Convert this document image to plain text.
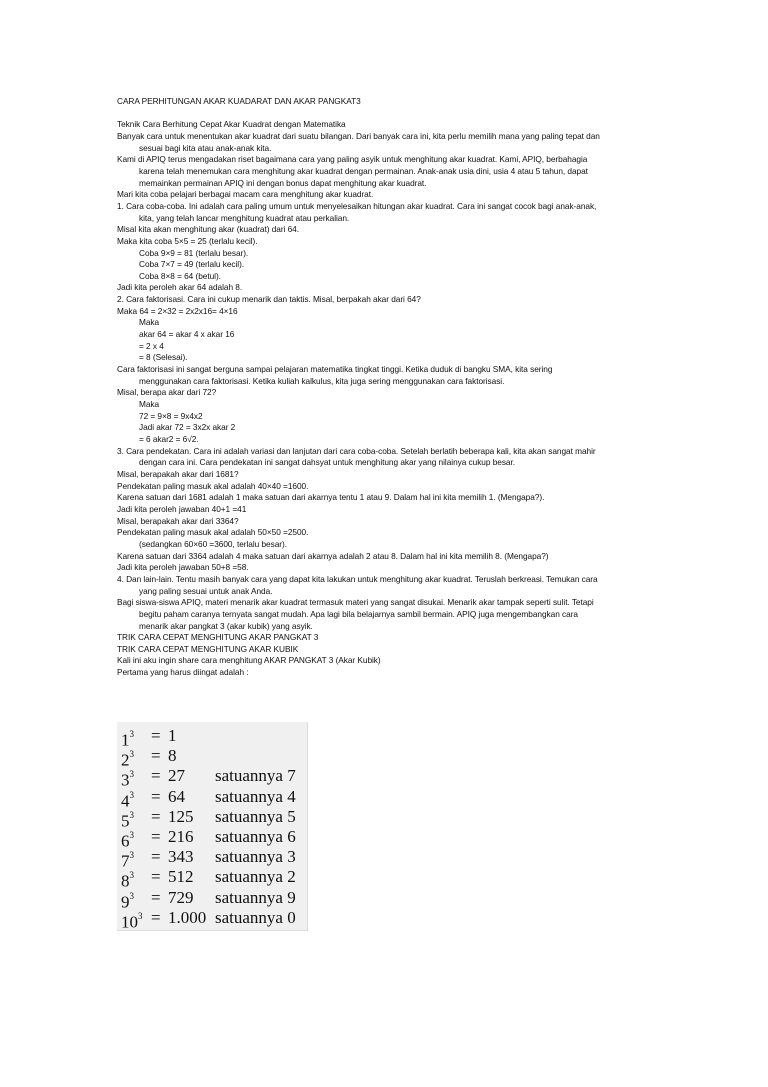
CARA PERHITUNGAN AKAR KUADARAT DAN AKAR PANGKAT3
Teknik Cara Berhitung Cepat Akar Kuadrat dengan Matematika
Banyak cara untuk menentukan akar kuadrat dari suatu bilangan. Dari banyak cara ini, kita perlu memilih mana yang paling tepat dan
sesuai bagi kita atau anak-anak kita.
Kami di APIQ terus mengadakan riset bagaimana cara yang paling asyik untuk menghitung akar kuadrat. Kami, APIQ, berbahagia
karena telah menemukan cara menghitung akar kuadrat dengan permainan. Anak-anak usia dini, usia 4 atau 5 tahun, dapat
memainkan permainan APIQ ini dengan bonus dapat menghitung akar kuadrat.
Mari kita coba pelajari berbagai macam cara menghitung akar kuadrat.
1. Cara coba-coba. Ini adalah cara paling umum untuk menyelesaikan hitungan akar kuadrat. Cara ini sangat cocok bagi anak-anak,
kita, yang telah lancar menghitung kuadrat atau perkalian.
Misal kita akan menghitung akar (kuadrat) dari 64.
Maka kita coba 5×5 = 25 (terlalu kecil).
Coba 9×9 = 81 (terlalu besar).
Coba 7×7 = 49 (terlalu kecil).
Coba 8×8 = 64 (betul).
Jadi kita peroleh akar 64 adalah 8.
2. Cara faktorisasi. Cara ini cukup menarik dan taktis. Misal, berpakah akar dari 64?
Maka 64 = 2×32 = 2x2x16= 4×16
Maka
akar 64 = akar 4 x akar 16
= 2 x 4
= 8 (Selesai).
Cara faktorisasi ini sangat berguna sampai pelajaran matematika tingkat tinggi. Ketika duduk di bangku SMA, kita sering
menggunakan cara faktorisasi. Ketika kuliah kalkulus, kita juga sering menggunakan cara faktorisasi.
Misal, berapa akar dari 72?
Maka
72 = 9×8 = 9x4x2
Jadi akar 72 = 3x2x akar 2
= 6 akar2 = 6√2.
3. Cara pendekatan. Cara ini adalah variasi dan lanjutan dari cara coba-coba. Setelah berlatih beberapa kali, kita akan sangat mahir
dengan cara ini. Cara pendekatan ini sangat dahsyat untuk menghitung akar yang nilainya cukup besar.
Misal, berapakah akar dari 1681?
Pendekatan paling masuk akal adalah 40×40 =1600.
Karena satuan dari 1681 adalah 1 maka satuan dari akarnya tentu 1 atau 9. Dalam hal ini kita memilih 1. (Mengapa?).
Jadi kita peroleh jawaban 40+1 =41
Misal, berapakah akar dari 3364?
Pendekatan paling masuk akal adalah 50×50 =2500.
(sedangkan 60×60 =3600, terlalu besar).
Karena satuan dari 3364 adalah 4 maka satuan dari akarnya adalah 2 atau 8. Dalam hal ini kita memilih 8. (Mengapa?)
Jadi kita peroleh jawaban 50+8 =58.
4. Dan lain-lain. Tentu masih banyak cara yang dapat kita lakukan untuk menghitung akar kuadrat. Teruslah berkreasi. Temukan cara
yang paling sesuai untuk anak Anda.
Bagi siswa-siswa APIQ, materi menarik akar kuadrat termasuk materi yang sangat disukai. Menarik akar tampak seperti sulit. Tetapi
begitu paham caranya ternyata sangat mudah. Apa lagi bila belajarnya sambil bermain. APIQ juga mengembangkan cara
menarik akar pangkat 3 (akar kubik) yang asyik.
TRIK CARA CEPAT MENGHITUNG AKAR PANGKAT 3
TRIK CARA CEPAT MENGHITUNG AKAR KUBIK
Kali ini aku ingin share cara menghitung AKAR PANGKAT 3 (Akar Kubik)
Pertama yang harus diingat adalah :
$1^3 = 1$
$2^3 = 8$
$3^3 = 27$ satuannya 7
$4^3 = 64$ satuannya 4
$5^3 = 125$ satuannya 5
$6^3 = 216$ satuannya 6
$7^3 = 343$ satuannya 3
$8^3 = 512$ satuannya 2
$9^3 = 729$ satuannya 9
$10^3 = 1.000$ satuannya 0
